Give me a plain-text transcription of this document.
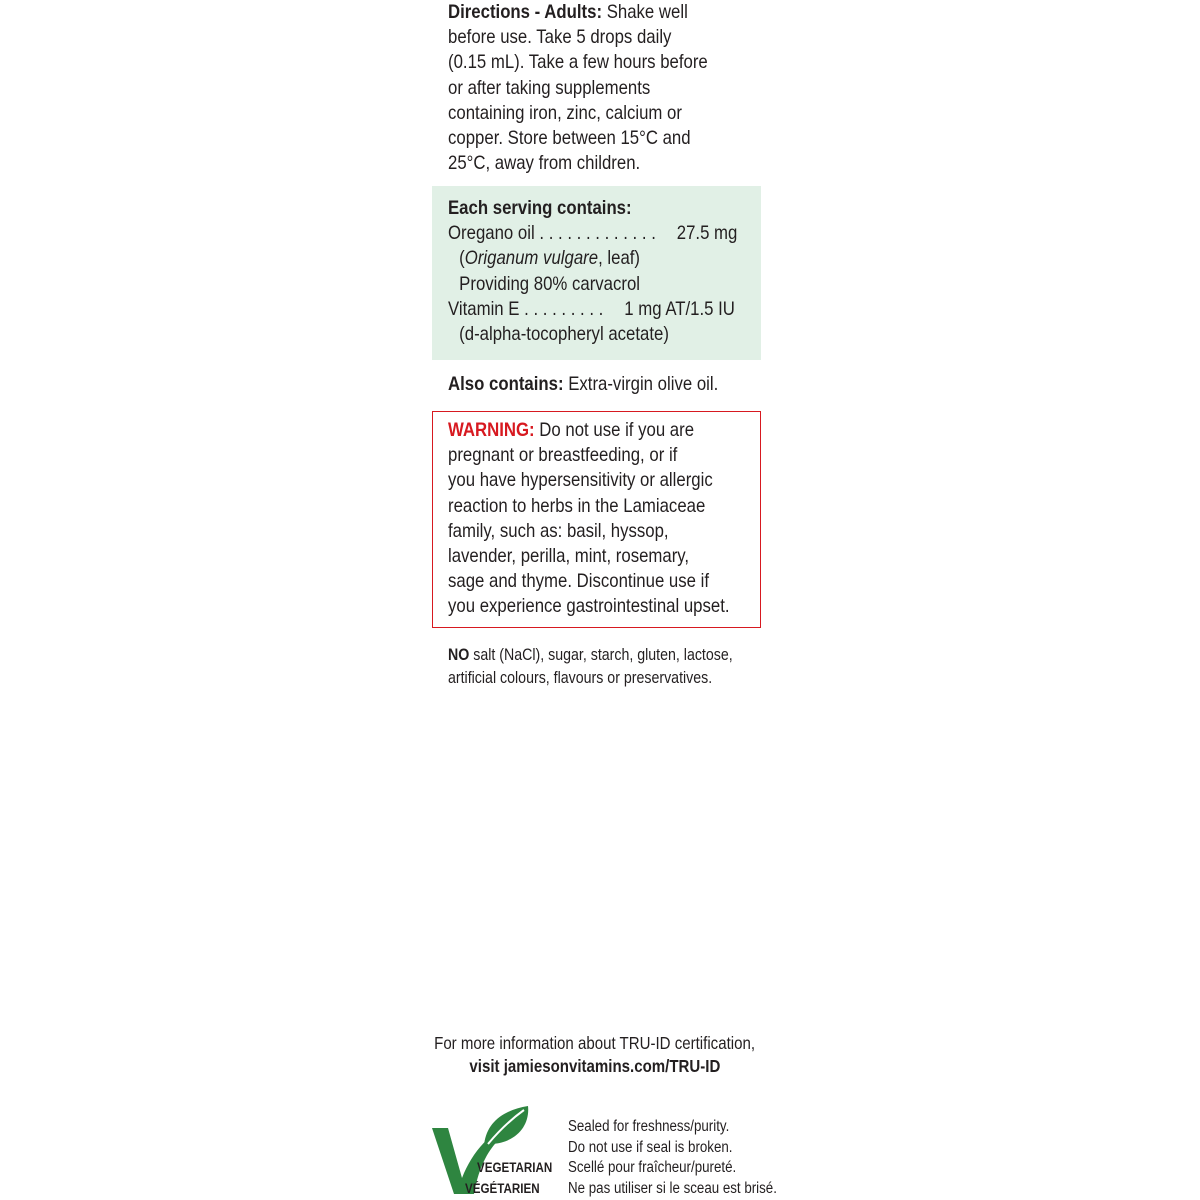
Directions - Adults: Shake well
before use. Take 5 drops daily
(0.15 mL). Take a few hours before
or after taking supplements
containing iron, zinc, calcium or
copper. Store between 15°C and
25°C, away from children.
Each serving contains:
Oregano oil . . . . . . . . . . . . . 27.5 mg
(Origanum vulgare, leaf)
Providing 80% carvacrol
Vitamin E . . . . . . . . . 1 mg AT/1.5 IU
(d-alpha-tocopheryl acetate)
Also contains: Extra-virgin olive oil.
WARNING: Do not use if you are
pregnant or breastfeeding, or if
you have hypersensitivity or allergic
reaction to herbs in the Lamiaceae
family, such as: basil, hyssop,
lavender, perilla, mint, rosemary,
sage and thyme. Discontinue use if
you experience gastrointestinal upset.
NO salt (NaCl), sugar, starch, gluten, lactose,
artificial colours, flavours or preservatives.
For more information about TRU-ID certification,
visit jamiesonvitamins.com/TRU-ID
VEGETARIAN
VÉGÉTARIEN
Sealed for freshness/purity.
Do not use if seal is broken.
Scellé pour fraîcheur/pureté.
Ne pas utiliser si le sceau est brisé.
